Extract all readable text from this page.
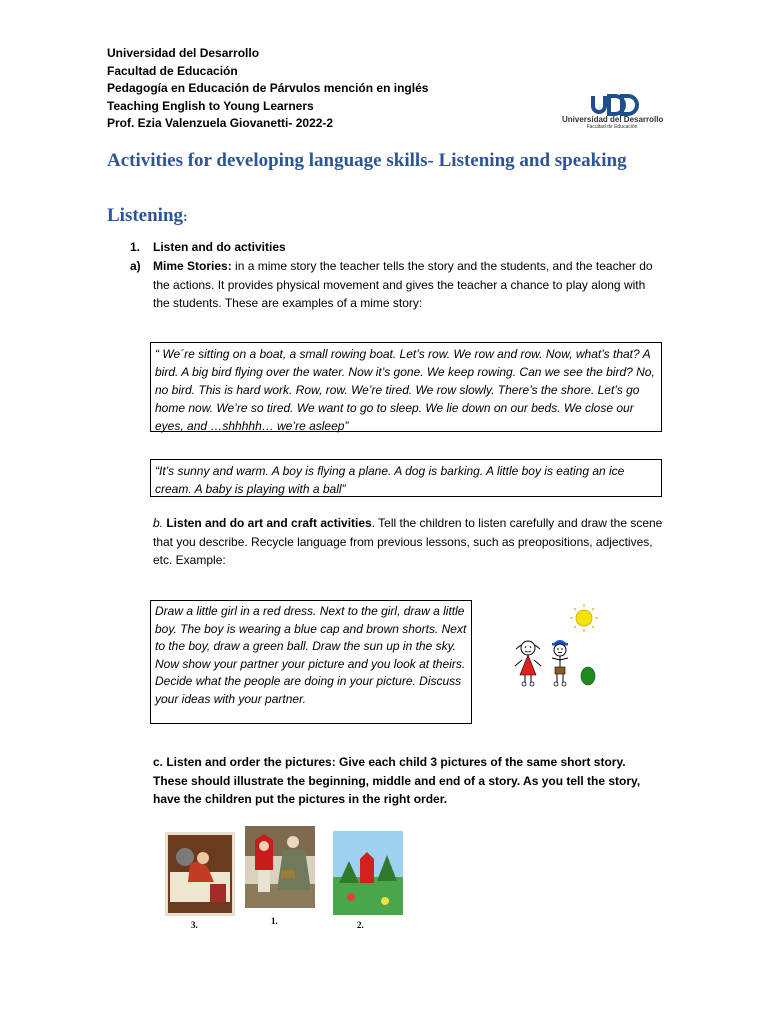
Universidad del Desarrollo
Facultad de Educación
Pedagogía en Educación de Párvulos mención en inglés
Teaching English to Young Learners
Prof. Ezia Valenzuela Giovanetti- 2022-2	Universidad del Desarrollo
Facultad de Educación
Activities for developing language skills- Listening and speaking
Listening:
1. Listen and do activities
a) Mime Stories: in a mime story the teacher tells the story and the students, and the teacher do the actions. It provides physical movement and gives the teacher a chance to play along with the students. These are examples of a mime story:
“ We´re sitting on a boat, a small rowing boat. Let’s row. We row and row. Now, what’s that? A bird. A big bird flying over the water. Now it’s gone. We keep rowing. Can we see the bird? No, no bird. This is hard work. Row, row. We’re tired. We row slowly. There’s the shore. Let’s go home now. We’re so tired. We want to go to sleep. We lie down on our beds. We close our eyes, and …shhhhh… we’re asleep”
“It’s sunny and warm. A boy is flying a plane. A dog is barking. A little boy is eating an ice cream. A baby is playing with a ball”
b. Listen and do art and craft activities. Tell the children to listen carefully and draw the scene that you describe. Recycle language from previous lessons, such as preopositions, adjectives, etc. Example:
Draw a little girl in a red dress. Next to the girl, draw a little boy. The boy is wearing a blue cap and brown shorts. Next to the boy, draw a green ball. Draw the sun up in the sky. Now show your partner your picture and you look at theirs. Decide what the people are doing in your picture. Discuss your ideas with your partner.
c. Listen and order the pictures: Give each child 3 pictures of the same short story. These should illustrate the beginning, middle and end of a story. As you tell the story, have the children put the pictures in the right order.
3.	1.	2.
